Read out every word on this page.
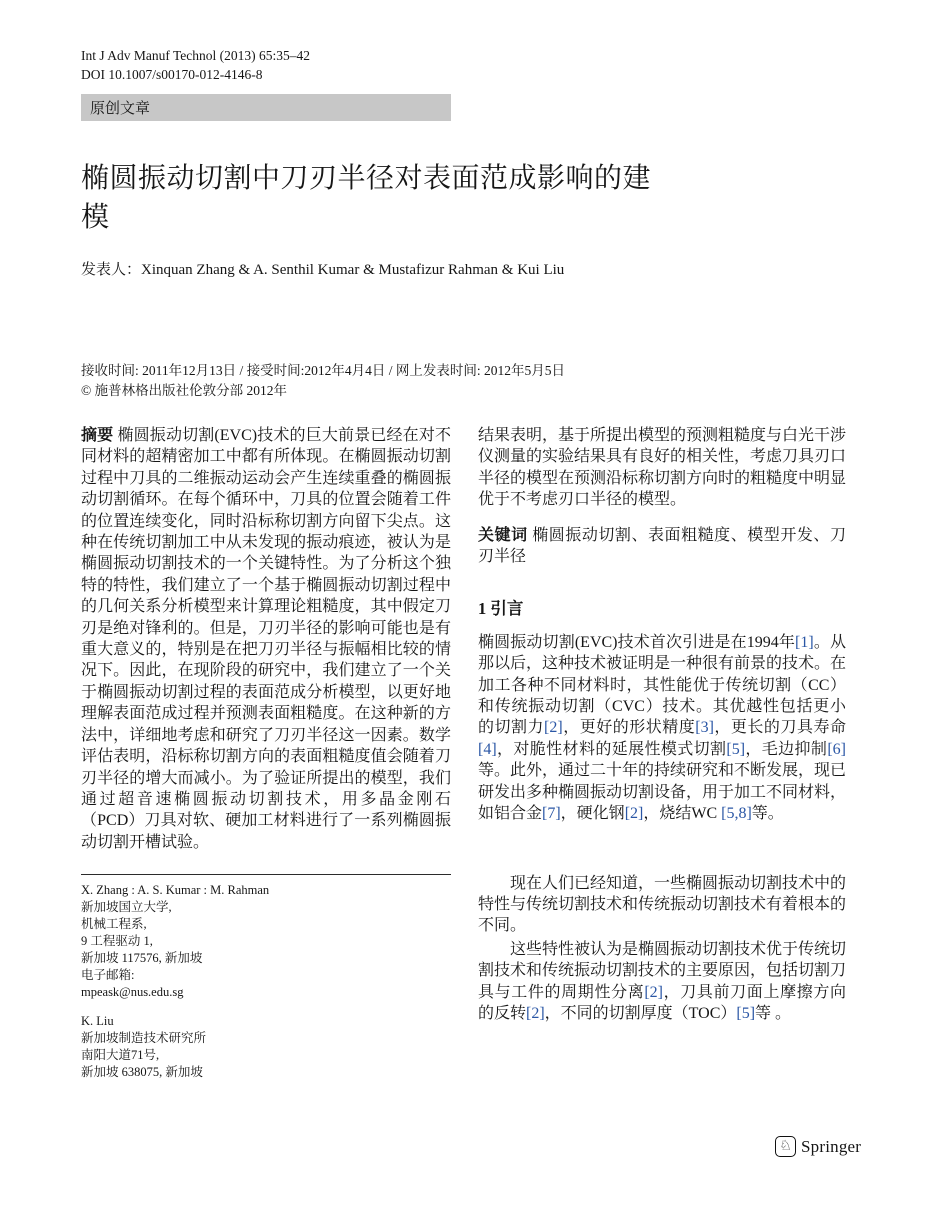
Int J Adv Manuf Technol (2013) 65:35–42
DOI 10.1007/s00170-012-4146-8
原创文章
椭圆振动切割中刀刃半径对表面范成影响的建模
发表人：Xinquan Zhang & A. Senthil Kumar & Mustafizur Rahman & Kui Liu
接收时间: 2011年12月13日 / 接受时间:2012年4月4日 / 网上发表时间: 2012年5月5日
© 施普林格出版社伦敦分部 2012年

摘要 椭圆振动切割(EVC)技术的巨大前景已经在对不同材料的超精密加工中都有所体现。在椭圆振动切割过程中刀具的二维振动运动会产生连续重叠的椭圆振动切割循环。在每个循环中，刀具的位置会随着工件的位置连续变化，同时沿标称切割方向留下尖点。这种在传统切割加工中从未发现的振动痕迹，被认为是椭圆振动切割技术的一个关键特性。为了分析这个独特的特性，我们建立了一个基于椭圆振动切割过程中的几何关系分析模型来计算理论粗糙度，其中假定刀刃是绝对锋利的。但是，刀刃半径的影响可能也是有重大意义的，特别是在把刀刃半径与振幅相比较的情况下。因此，在现阶段的研究中，我们建立了一个关于椭圆振动切割过程的表面范成分析模型，以更好地理解表面范成过程并预测表面粗糙度。在这种新的方法中，详细地考虑和研究了刀刃半径这一因素。数学评估表明，沿标称切割方向的表面粗糙度值会随着刀刃半径的增大而减小。为了验证所提出的模型，我们通过超音速椭圆振动切割技术，用多晶金刚石（PCD）刀具对软、硬加工材料进行了一系列椭圆振动切割开槽试验。

X. Zhang : A. S. Kumar : M. Rahman
新加坡国立大学,
机械工程系,
9 工程驱动 1,
新加坡 117576, 新加坡
电子邮箱:
mpeask@nus.edu.sg
K. Liu
新加坡制造技术研究所
南阳大道71号,
新加坡 638075, 新加坡

结果表明，基于所提出模型的预测粗糙度与白光干涉仪测量的实验结果具有良好的相关性，考虑刀具刃口半径的模型在预测沿标称切割方向时的粗糙度中明显优于不考虑刃口半径的模型。

关键词 椭圆振动切割、表面粗糙度、模型开发、刀刃半径

1 引言

椭圆振动切割(EVC)技术首次引进是在1994年[1]。从那以后，这种技术被证明是一种很有前景的技术。在加工各种不同材料时，其性能优于传统切割（CC）和传统振动切割（CVC）技术。其优越性包括更小的切割力[2]，更好的形状精度[3]，更长的刀具寿命[4]，对脆性材料的延展性模式切割[5]，毛边抑制[6]等。此外，通过二十年的持续研究和不断发展，现已研发出多种椭圆振动切割设备，用于加工不同材料，如铝合金[7]，硬化钢[2]，烧结WC [5,8]等。

现在人们已经知道，一些椭圆振动切割技术中的特性与传统切割技术和传统振动切割技术有着根本的不同。

这些特性被认为是椭圆振动切割技术优于传统切割技术和传统振动切割技术的主要原因，包括切割刀具与工件的周期性分离[2]，刀具前刀面上摩擦方向的反转[2]，不同的切割厚度（TOC）[5]等 。

♘ Springer
